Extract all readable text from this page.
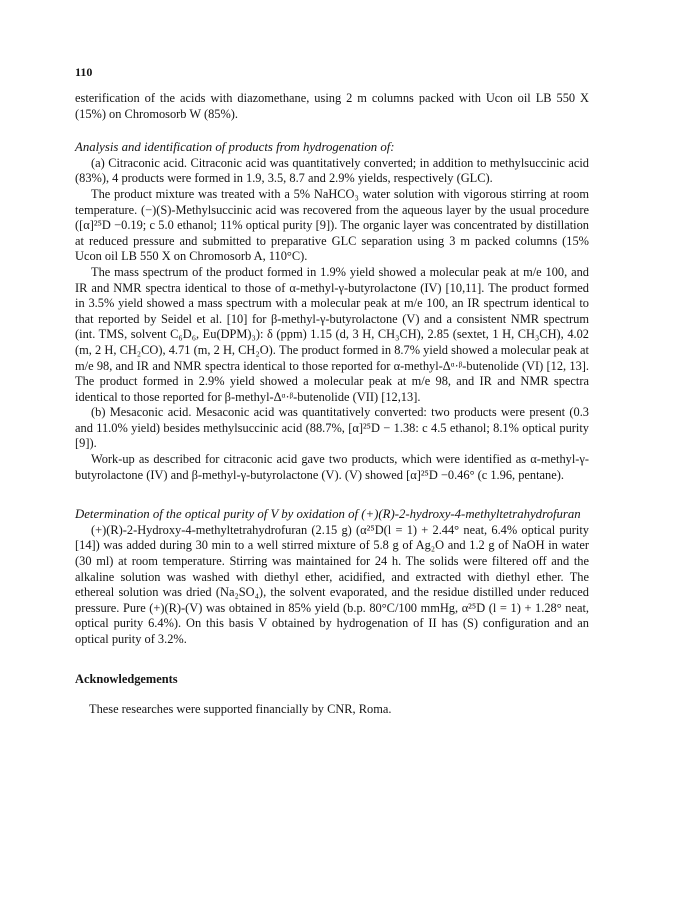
110

esterification of the acids with diazomethane, using 2 m columns packed with Ucon oil LB 550 X (15%) on Chromosorb W (85%).

Analysis and identification of products from hydrogenation of:

(a) Citraconic acid. Citraconic acid was quantitatively converted; in addition to methylsuccinic acid (83%), 4 products were formed in 1.9, 3.5, 8.7 and 2.9% yields, respectively (GLC).

The product mixture was treated with a 5% NaHCO₃ water solution with vigorous stirring at room temperature. (−)(S)-Methylsuccinic acid was recovered from the aqueous layer by the usual procedure ([α]²⁵D −0.19; c 5.0 ethanol; 11% optical purity [9]). The organic layer was concentrated by distillation at reduced pressure and submitted to preparative GLC separation using 3 m packed columns (15% Ucon oil LB 550 X on Chromosorb A, 110°C).

The mass spectrum of the product formed in 1.9% yield showed a molecular peak at m/e 100, and IR and NMR spectra identical to those of α-methyl-γ-butyrolactone (IV) [10,11]. The product formed in 3.5% yield showed a mass spectrum with a molecular peak at m/e 100, an IR spectrum identical to that reported by Seidel et al. [10] for β-methyl-γ-butyrolactone (V) and a consistent NMR spectrum (int. TMS, solvent C₆D₆, Eu(DPM)₃): δ (ppm) 1.15 (d, 3 H, CH₃CH), 2.85 (sextet, 1 H, CH₃CH), 4.02 (m, 2 H, CH₂CO), 4.71 (m, 2 H, CH₂O). The product formed in 8.7% yield showed a molecular peak at m/e 98, and IR and NMR spectra identical to those reported for α-methyl-Δᵅ·ᵝ-butenolide (VI) [12, 13]. The product formed in 2.9% yield showed a molecular peak at m/e 98, and IR and NMR spectra identical to those reported for β-methyl-Δᵅ·ᵝ-butenolide (VII) [12,13].

(b) Mesaconic acid. Mesaconic acid was quantitatively converted: two products were present (0.3 and 11.0% yield) besides methylsuccinic acid (88.7%, [α]²⁵D − 1.38: c 4.5 ethanol; 8.1% optical purity [9]).

Work-up as described for citraconic acid gave two products, which were identified as α-methyl-γ-butyrolactone (IV) and β-methyl-γ-butyrolactone (V). (V) showed [α]²⁵D −0.46° (c 1.96, pentane).

Determination of the optical purity of V by oxidation of (+)(R)-2-hydroxy-4-methyltetrahydrofuran

(+)(R)-2-Hydroxy-4-methyltetrahydrofuran (2.15 g) (α²⁵D(l = 1) + 2.44° neat, 6.4% optical purity [14]) was added during 30 min to a well stirred mixture of 5.8 g of Ag₂O and 1.2 g of NaOH in water (30 ml) at room temperature. Stirring was maintained for 24 h. The solids were filtered off and the alkaline solution was washed with diethyl ether, acidified, and extracted with diethyl ether. The ethereal solution was dried (Na₂SO₄), the solvent evaporated, and the residue distilled under reduced pressure. Pure (+)(R)-(V) was obtained in 85% yield (b.p. 80°C/100 mmHg, α²⁵D (l = 1) + 1.28° neat, optical purity 6.4%). On this basis V obtained by hydrogenation of II has (S) configuration and an optical purity of 3.2%.

Acknowledgements

These researches were supported financially by CNR, Roma.
